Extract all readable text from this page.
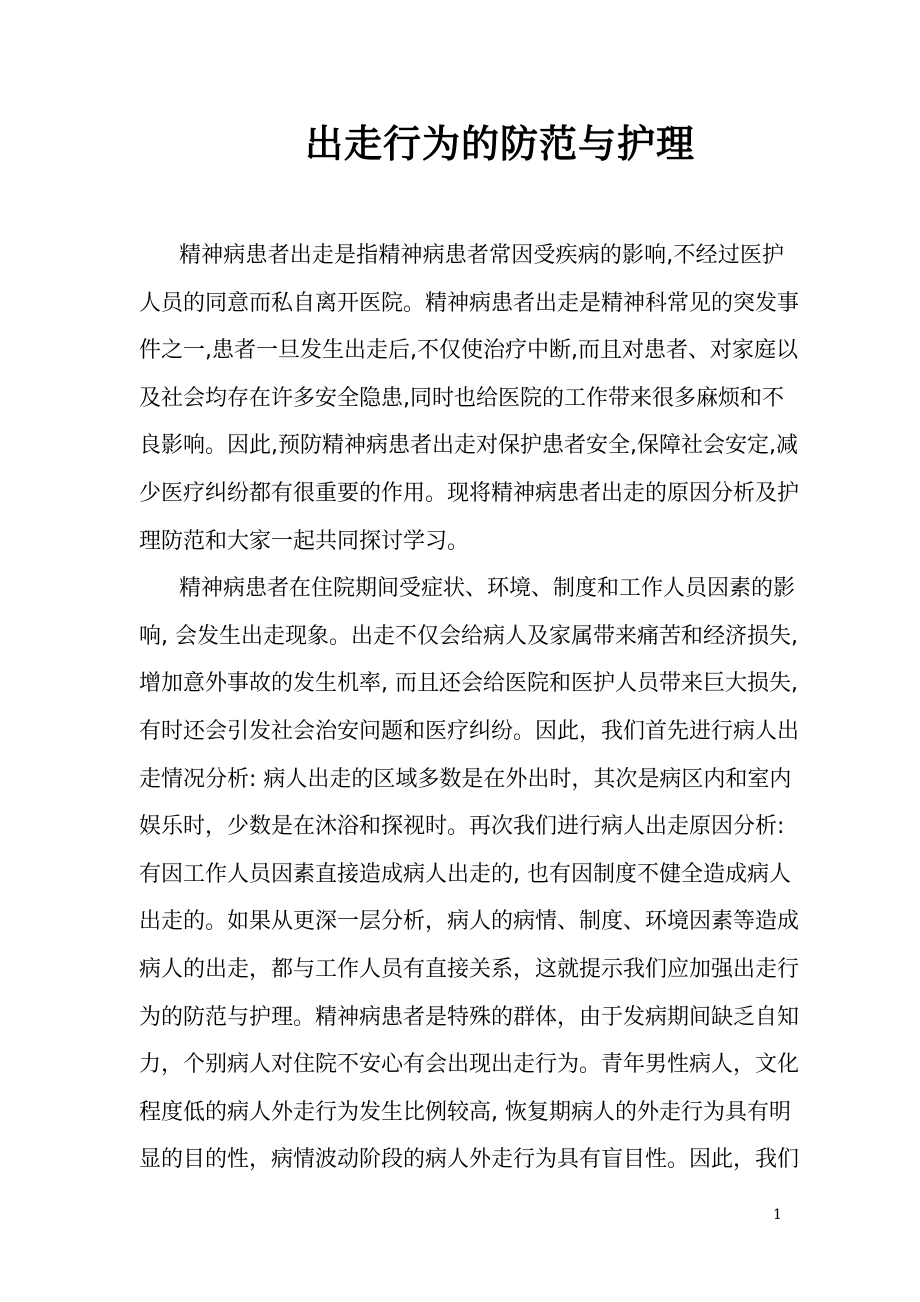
出走行为的防范与护理
精神病患者出走是指精神病患者常因受疾病的影响,不经过医护
人员的同意而私自离开医院。精神病患者出走是精神科常见的突发事
件之一,患者一旦发生出走后,不仅使治疗中断,而且对患者、对家庭以
及社会均存在许多安全隐患,同时也给医院的工作带来很多麻烦和不
良影响。因此,预防精神病患者出走对保护患者安全,保障社会安定,减
少医疗纠纷都有很重要的作用。现将精神病患者出走的原因分析及护
理防范和大家一起共同探讨学习。
精神病患者在住院期间受症状、环境、制度和工作人员因素的影
响, 会发生出走现象。出走不仅会给病人及家属带来痛苦和经济损失,
增加意外事故的发生机率, 而且还会给医院和医护人员带来巨大损失,
有时还会引发社会治安问题和医疗纠纷。因此，我们首先进行病人出
走情况分析: 病人出走的区域多数是在外出时，其次是病区内和室内
娱乐时，少数是在沐浴和探视时。再次我们进行病人出走原因分析:
有因工作人员因素直接造成病人出走的, 也有因制度不健全造成病人
出走的。如果从更深一层分析，病人的病情、制度、环境因素等造成
病人的出走，都与工作人员有直接关系，这就提示我们应加强出走行
为的防范与护理。精神病患者是特殊的群体，由于发病期间缺乏自知
力，个别病人对住院不安心有会出现出走行为。青年男性病人，文化
程度低的病人外走行为发生比例较高, 恢复期病人的外走行为具有明
显的目的性，病情波动阶段的病人外走行为具有盲目性。因此，我们
1
